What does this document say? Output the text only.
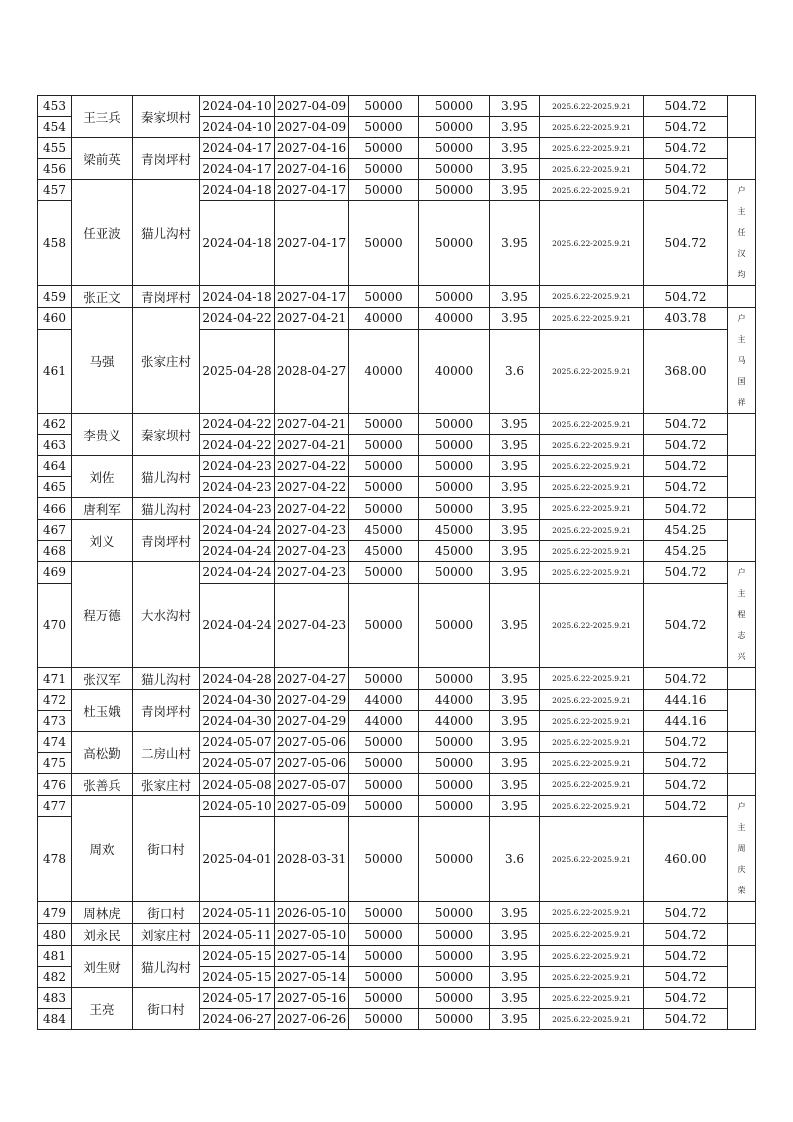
453	王三兵	秦家坝村	2024-04-10	2027-04-09	50000	50000	3.95	2025.6.22-2025.9.21	504.72	
454			2024-04-10	2027-04-09	50000	50000	3.95	2025.6.22-2025.9.21	504.72	
455	梁前英	青岗坪村	2024-04-17	2027-04-16	50000	50000	3.95	2025.6.22-2025.9.21	504.72	
456			2024-04-17	2027-04-16	50000	50000	3.95	2025.6.22-2025.9.21	504.72	
457	任亚波	猫儿沟村	2024-04-18	2027-04-17	50000	50000	3.95	2025.6.22-2025.9.21	504.72	户主任汉均
458			2024-04-18	2027-04-17	50000	50000	3.95	2025.6.22-2025.9.21	504.72	
459	张正文	青岗坪村	2024-04-18	2027-04-17	50000	50000	3.95	2025.6.22-2025.9.21	504.72	
460	马强	张家庄村	2024-04-22	2027-04-21	40000	40000	3.95	2025.6.22-2025.9.21	403.78	户主马国祥
461			2025-04-28	2028-04-27	40000	40000	3.6	2025.6.22-2025.9.21	368.00	
462	李贵义	秦家坝村	2024-04-22	2027-04-21	50000	50000	3.95	2025.6.22-2025.9.21	504.72	
463			2024-04-22	2027-04-21	50000	50000	3.95	2025.6.22-2025.9.21	504.72	
464	刘佐	猫儿沟村	2024-04-23	2027-04-22	50000	50000	3.95	2025.6.22-2025.9.21	504.72	
465			2024-04-23	2027-04-22	50000	50000	3.95	2025.6.22-2025.9.21	504.72	
466	唐利军	猫儿沟村	2024-04-23	2027-04-22	50000	50000	3.95	2025.6.22-2025.9.21	504.72	
467	刘义	青岗坪村	2024-04-24	2027-04-23	45000	45000	3.95	2025.6.22-2025.9.21	454.25	
468			2024-04-24	2027-04-23	45000	45000	3.95	2025.6.22-2025.9.21	454.25	
469	程万德	大水沟村	2024-04-24	2027-04-23	50000	50000	3.95	2025.6.22-2025.9.21	504.72	户主程志兴
470			2024-04-24	2027-04-23	50000	50000	3.95	2025.6.22-2025.9.21	504.72	
471	张汉军	猫儿沟村	2024-04-28	2027-04-27	50000	50000	3.95	2025.6.22-2025.9.21	504.72	
472	杜玉娥	青岗坪村	2024-04-30	2027-04-29	44000	44000	3.95	2025.6.22-2025.9.21	444.16	
473			2024-04-30	2027-04-29	44000	44000	3.95	2025.6.22-2025.9.21	444.16	
474	高松勤	二房山村	2024-05-07	2027-05-06	50000	50000	3.95	2025.6.22-2025.9.21	504.72	
475			2024-05-07	2027-05-06	50000	50000	3.95	2025.6.22-2025.9.21	504.72	
476	张善兵	张家庄村	2024-05-08	2027-05-07	50000	50000	3.95	2025.6.22-2025.9.21	504.72	
477	周欢	街口村	2024-05-10	2027-05-09	50000	50000	3.95	2025.6.22-2025.9.21	504.72	户主周庆荣
478			2025-04-01	2028-03-31	50000	50000	3.6	2025.6.22-2025.9.21	460.00	
479	周林虎	街口村	2024-05-11	2026-05-10	50000	50000	3.95	2025.6.22-2025.9.21	504.72	
480	刘永民	刘家庄村	2024-05-11	2027-05-10	50000	50000	3.95	2025.6.22-2025.9.21	504.72	
481	刘生财	猫儿沟村	2024-05-15	2027-05-14	50000	50000	3.95	2025.6.22-2025.9.21	504.72	
482			2024-05-15	2027-05-14	50000	50000	3.95	2025.6.22-2025.9.21	504.72	
483	王亮	街口村	2024-05-17	2027-05-16	50000	50000	3.95	2025.6.22-2025.9.21	504.72	
484			2024-06-27	2027-06-26	50000	50000	3.95	2025.6.22-2025.9.21	504.72	
